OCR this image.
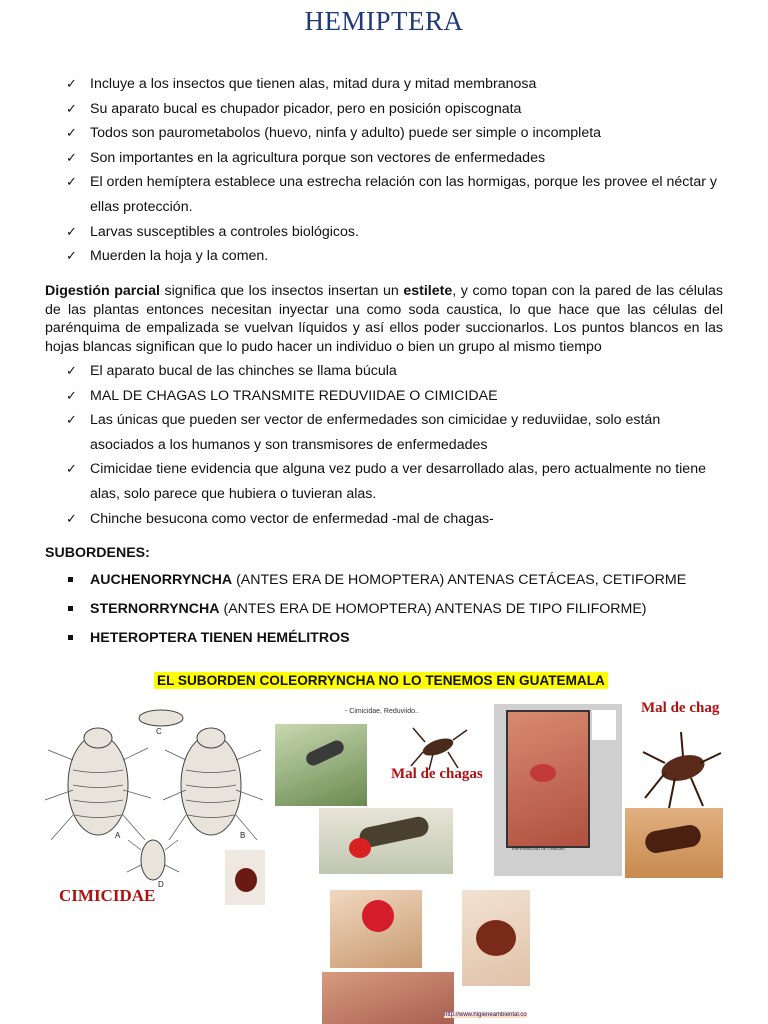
HEMIPTERA
✓ Incluye a los insectos que tienen alas, mitad dura y mitad membranosa
✓ Su aparato bucal es chupador picador, pero en posición opiscognata
✓ Todos son paurometabolos (huevo, ninfa y adulto) puede ser simple o incompleta
✓ Son importantes en la agricultura porque son vectores de enfermedades
✓ El orden hemíptera establece una estrecha relación con las hormigas, porque les provee el néctar y ellas protección.
✓ Larvas susceptibles a controles biológicos.
✓ Muerden la hoja y la comen.
Digestión parcial significa que los insectos insertan un estilete, y como topan con la pared de las células de las plantas entonces necesitan inyectar una como soda caustica, lo que hace que las células del parénquima de empalizada se vuelvan líquidos y así ellos poder succionarlos. Los puntos blancos en las hojas blancas significan que lo pudo hacer un individuo o bien un grupo al mismo tiempo
✓ El aparato bucal de las chinches se llama búcula
✓ MAL DE CHAGAS LO TRANSMITE REDUVIIDAE O CIMICIDAE
✓ Las únicas que pueden ser vector de enfermedades son cimicidae y reduviidae, solo están asociados a los humanos y son transmisores de enfermedades
✓ Cimicidae tiene evidencia que alguna vez pudo a ver desarrollado alas, pero actualmente no tiene alas, solo parece que hubiera o tuvieran alas.
✓ Chinche besucona como vector de enfermedad -mal de chagas-
SUBORDENES:
AUCHENORRYNCHA (ANTES ERA DE HOMOPTERA) ANTENAS CETÁCEAS, CETIFORME
STERNORRYNCHA (ANTES ERA DE HOMOPTERA) ANTENAS DE TIPO FILIFORME)
HETEROPTERA TIENEN HEMÉLITROS
EL SUBORDEN COLEORRYNCHA NO LO TENEMOS EN GUATEMALA
A	B
C
D
CIMICIDAE
- Cimicidae, Reduviido..
Mal de chagas
ENFERMEDAD DE CHAGAS
Mal de chag
http://www.higieneambiental.co
